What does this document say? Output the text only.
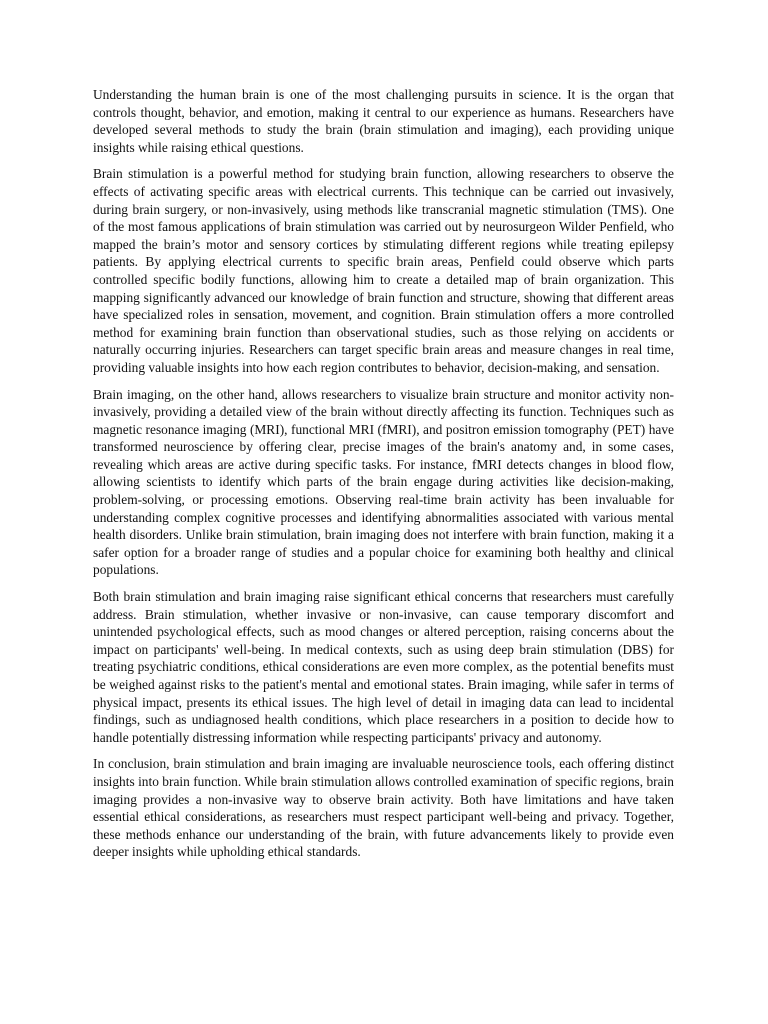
Understanding the human brain is one of the most challenging pursuits in science. It is the organ that controls thought, behavior, and emotion, making it central to our experience as humans. Researchers have developed several methods to study the brain (brain stimulation and imaging), each providing unique insights while raising ethical questions.

Brain stimulation is a powerful method for studying brain function, allowing researchers to observe the effects of activating specific areas with electrical currents. This technique can be carried out invasively, during brain surgery, or non-invasively, using methods like transcranial magnetic stimulation (TMS). One of the most famous applications of brain stimulation was carried out by neurosurgeon Wilder Penfield, who mapped the brain’s motor and sensory cortices by stimulating different regions while treating epilepsy patients. By applying electrical currents to specific brain areas, Penfield could observe which parts controlled specific bodily functions, allowing him to create a detailed map of brain organization. This mapping significantly advanced our knowledge of brain function and structure, showing that different areas have specialized roles in sensation, movement, and cognition. Brain stimulation offers a more controlled method for examining brain function than observational studies, such as those relying on accidents or naturally occurring injuries. Researchers can target specific brain areas and measure changes in real time, providing valuable insights into how each region contributes to behavior, decision-making, and sensation.

Brain imaging, on the other hand, allows researchers to visualize brain structure and monitor activity non-invasively, providing a detailed view of the brain without directly affecting its function. Techniques such as magnetic resonance imaging (MRI), functional MRI (fMRI), and positron emission tomography (PET) have transformed neuroscience by offering clear, precise images of the brain's anatomy and, in some cases, revealing which areas are active during specific tasks. For instance, fMRI detects changes in blood flow, allowing scientists to identify which parts of the brain engage during activities like decision-making, problem-solving, or processing emotions. Observing real-time brain activity has been invaluable for understanding complex cognitive processes and identifying abnormalities associated with various mental health disorders. Unlike brain stimulation, brain imaging does not interfere with brain function, making it a safer option for a broader range of studies and a popular choice for examining both healthy and clinical populations.

Both brain stimulation and brain imaging raise significant ethical concerns that researchers must carefully address. Brain stimulation, whether invasive or non-invasive, can cause temporary discomfort and unintended psychological effects, such as mood changes or altered perception, raising concerns about the impact on participants' well-being. In medical contexts, such as using deep brain stimulation (DBS) for treating psychiatric conditions, ethical considerations are even more complex, as the potential benefits must be weighed against risks to the patient's mental and emotional states. Brain imaging, while safer in terms of physical impact, presents its ethical issues. The high level of detail in imaging data can lead to incidental findings, such as undiagnosed health conditions, which place researchers in a position to decide how to handle potentially distressing information while respecting participants' privacy and autonomy.

In conclusion, brain stimulation and brain imaging are invaluable neuroscience tools, each offering distinct insights into brain function. While brain stimulation allows controlled examination of specific regions, brain imaging provides a non-invasive way to observe brain activity. Both have limitations and have taken essential ethical considerations, as researchers must respect participant well-being and privacy. Together, these methods enhance our understanding of the brain, with future advancements likely to provide even deeper insights while upholding ethical standards.
